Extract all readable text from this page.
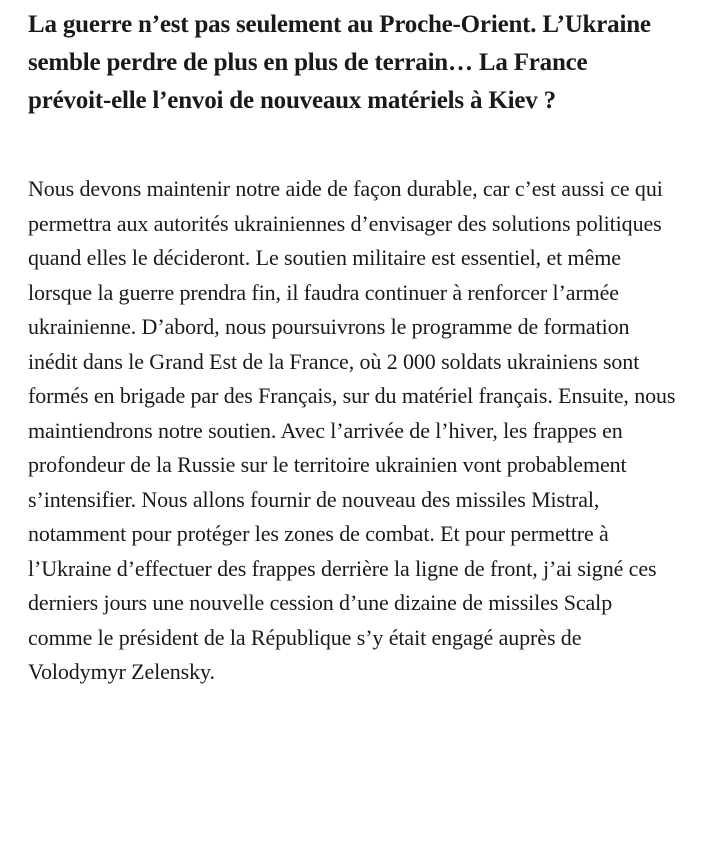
La guerre n’est pas seulement au Proche-Orient. L’Ukraine semble perdre de plus en plus de terrain… La France prévoit-elle l’envoi de nouveaux matériels à Kiev ?

Nous devons maintenir notre aide de façon durable, car c’est aussi ce qui permettra aux autorités ukrainiennes d’envisager des solutions politiques quand elles le décideront. Le soutien militaire est essentiel, et même lorsque la guerre prendra fin, il faudra continuer à renforcer l’armée ukrainienne. D’abord, nous poursuivrons le programme de formation inédit dans le Grand Est de la France, où 2 000 soldats ukrainiens sont formés en brigade par des Français, sur du matériel français. Ensuite, nous maintiendrons notre soutien. Avec l’arrivée de l’hiver, les frappes en profondeur de la Russie sur le territoire ukrainien vont probablement s’intensifier. Nous allons fournir de nouveau des missiles Mistral, notamment pour protéger les zones de combat. Et pour permettre à l’Ukraine d’effectuer des frappes derrière la ligne de front, j’ai signé ces derniers jours une nouvelle cession d’une dizaine de missiles Scalp comme le président de la République s’y était engagé auprès de Volodymyr Zelensky.
